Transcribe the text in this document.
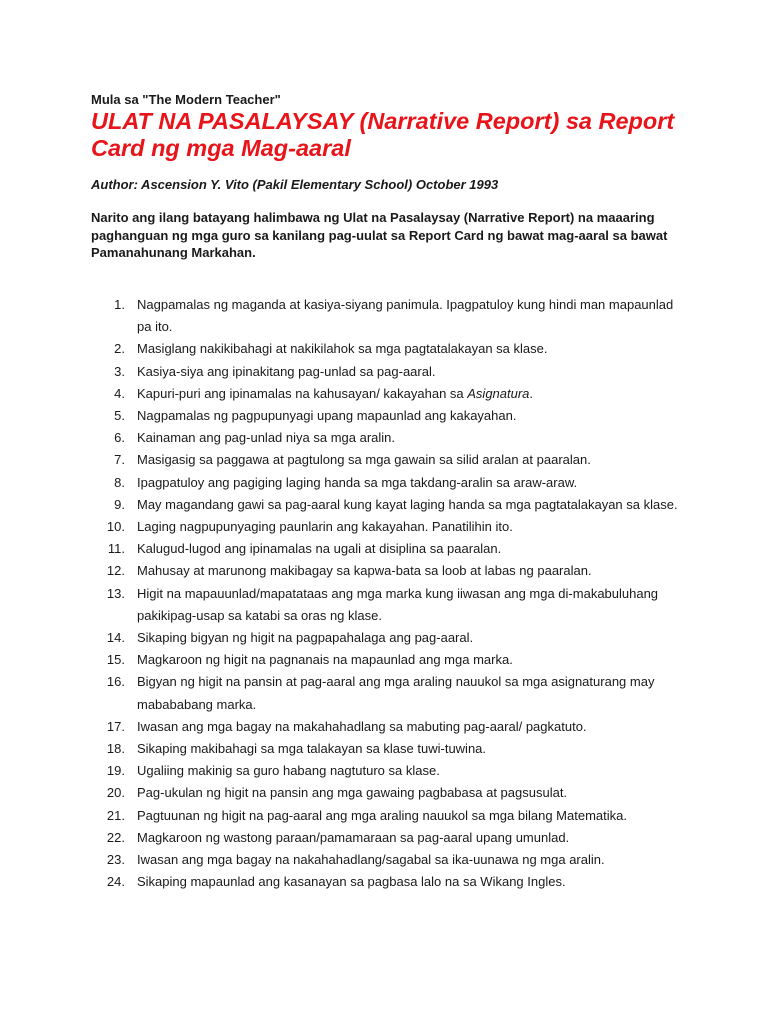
Mula sa "The Modern Teacher"

ULAT NA PASALAYSAY (Narrative Report) sa Report Card ng mga Mag-aaral

Author: Ascension Y. Vito (Pakil Elementary School) October 1993

Narito ang ilang batayang halimbawa ng Ulat na Pasalaysay (Narrative Report) na maaaring paghanguan ng mga guro sa kanilang pag-uulat sa Report Card ng bawat mag-aaral sa bawat Pamanahunang Markahan.

1. Nagpamalas ng maganda at kasiya-siyang panimula. Ipagpatuloy kung hindi man mapaunlad pa ito.
2. Masiglang nakikibahagi at nakikilahok sa mga pagtatalakayan sa klase.
3. Kasiya-siya ang ipinakitang pag-unlad sa pag-aaral.
4. Kapuri-puri ang ipinamalas na kahusayan/ kakayahan sa Asignatura.
5. Nagpamalas ng pagpupunyagi upang mapaunlad ang kakayahan.
6. Kainaman ang pag-unlad niya sa mga aralin.
7. Masigasig sa paggawa at pagtulong sa mga gawain sa silid aralan at paaralan.
8. Ipagpatuloy ang pagiging laging handa sa mga takdang-aralin sa araw-araw.
9. May magandang gawi sa pag-aaral kung kayat laging handa sa mga pagtatalakayan sa klase.
10. Laging nagpupunyaging paunlarin ang kakayahan. Panatilihin ito.
11. Kalugud-lugod ang ipinamalas na ugali at disiplina sa paaralan.
12. Mahusay at marunong makibagay sa kapwa-bata sa loob at labas ng paaralan.
13. Higit na mapauunlad/mapatataas ang mga marka kung iiwasan ang mga di-makabuluhang pakikipag-usap sa katabi sa oras ng klase.
14. Sikaping bigyan ng higit na pagpapahalaga ang pag-aaral.
15. Magkaroon ng higit na pagnanais na mapaunlad ang mga marka.
16. Bigyan ng higit na pansin at pag-aaral ang mga araling nauukol sa mga asignaturang may mabababang marka.
17. Iwasan ang mga bagay na makahahadlang sa mabuting pag-aaral/ pagkatuto.
18. Sikaping makibahagi sa mga talakayan sa klase tuwi-tuwina.
19. Ugaliing makinig sa guro habang nagtuturo sa klase.
20. Pag-ukulan ng higit na pansin ang mga gawaing pagbabasa at pagsusulat.
21. Pagtuunan ng higit na pag-aaral ang mga araling nauukol sa mga bilang Matematika.
22. Magkaroon ng wastong paraan/pamamaraan sa pag-aaral upang umunlad.
23. Iwasan ang mga bagay na nakahahadlang/sagabal sa ika-uunawa ng mga aralin.
24. Sikaping mapaunlad ang kasanayan sa pagbasa lalo na sa Wikang Ingles.
